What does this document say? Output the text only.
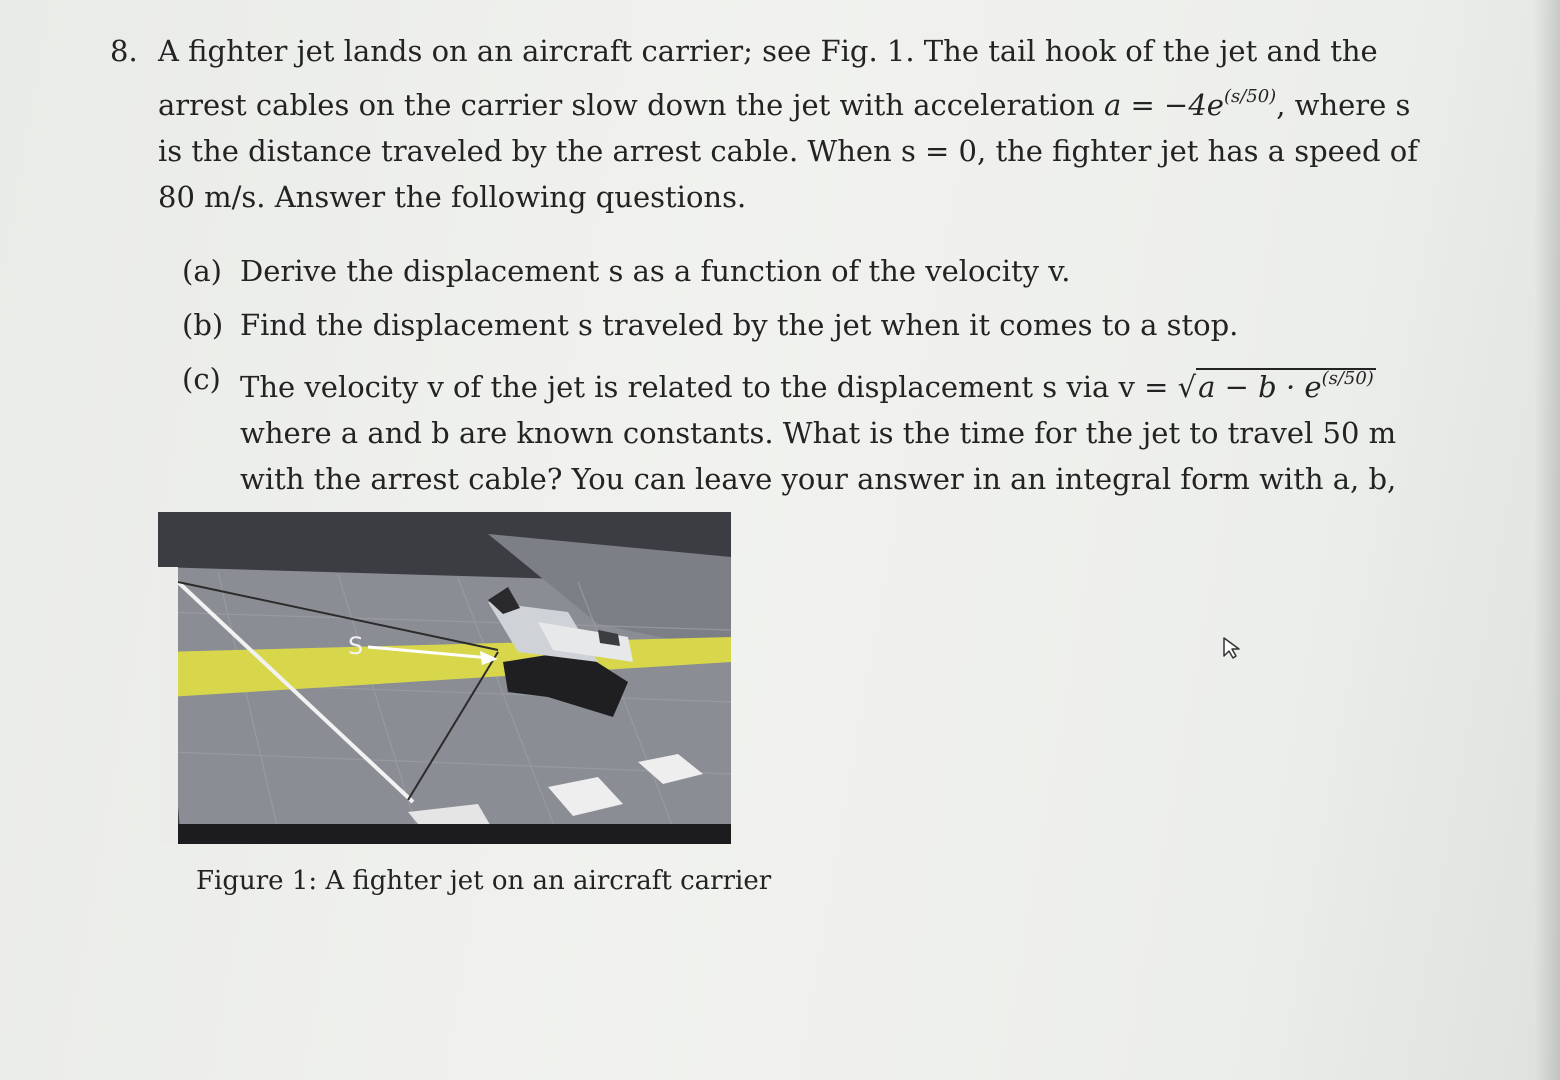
8. A fighter jet lands on an aircraft carrier; see Fig. 1. The tail hook of the jet and the arrest cables on the carrier slow down the jet with acceleration $a = -4e^{(s/50)}$, where s is the distance traveled by the arrest cable. When s = 0, the fighter jet has a speed of 80 m/s. Answer the following questions.

(a) Derive the displacement s as a function of the velocity v.
(b) Find the displacement s traveled by the jet when it comes to a stop.
(c) The velocity v of the jet is related to the displacement s via $v = √a - b \cdot e^{(s/50)}$ where a and b are known constants. What is the time for the jet to travel 50 m with the arrest cable? You can leave your answer in an integral form with a, b,
S
Figure 1: A fighter jet on an aircraft carrier
